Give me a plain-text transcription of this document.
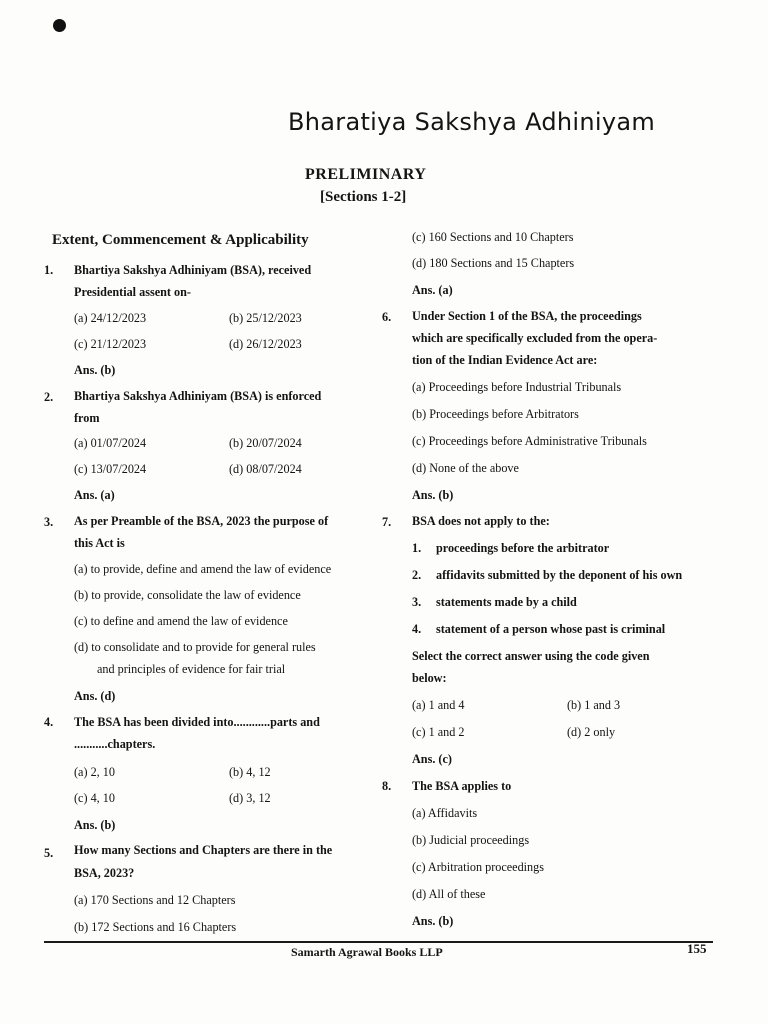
Bharatiya Sakshya Adhiniyam
PRELIMINARY
[Sections 1-2]
Extent, Commencement & Applicability
1. Bhartiya Sakshya Adhiniyam (BSA), received
Presidential assent on-
(a) 24/12/2023	(b) 25/12/2023
(c) 21/12/2023	(d) 26/12/2023
Ans. (b)
2. Bhartiya Sakshya Adhiniyam (BSA) is enforced
from
(a) 01/07/2024	(b) 20/07/2024
(c) 13/07/2024	(d) 08/07/2024
Ans. (a)
3. As per Preamble of the BSA, 2023 the purpose of
this Act is
(a) to provide, define and amend the law of evidence
(b) to provide, consolidate the law of evidence
(c) to define and amend the law of evidence
(d) to consolidate and to provide for general rules
and principles of evidence for fair trial
Ans. (d)
4. The BSA has been divided into............parts and
...........chapters.
(a) 2, 10	(b) 4, 12
(c) 4, 10	(d) 3, 12
Ans. (b)
5. How many Sections and Chapters are there in the
BSA, 2023?
(a) 170 Sections and 12 Chapters
(b) 172 Sections and 16 Chapters
(c) 160 Sections and 10 Chapters
(d) 180 Sections and 15 Chapters
Ans. (a)
6. Under Section 1 of the BSA, the proceedings
which are specifically excluded from the opera-
tion of the Indian Evidence Act are:
(a) Proceedings before Industrial Tribunals
(b) Proceedings before Arbitrators
(c) Proceedings before Administrative Tribunals
(d) None of the above
Ans. (b)
7. BSA does not apply to the:
1. proceedings before the arbitrator
2. affidavits submitted by the deponent of his own
3. statements made by a child
4. statement of a person whose past is criminal
Select the correct answer using the code given
below:
(a) 1 and 4	(b) 1 and 3
(c) 1 and 2	(d) 2 only
Ans. (c)
8. The BSA applies to
(a) Affidavits
(b) Judicial proceedings
(c) Arbitration proceedings
(d) All of these
Ans. (b)
Samarth Agrawal Books LLP	155
